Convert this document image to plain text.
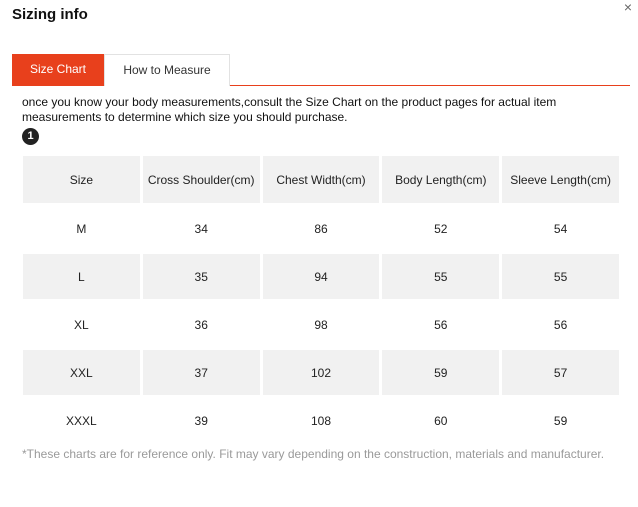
Sizing info	×
Size Chart	How to Measure
once you know your body measurements,consult the Size Chart on the product pages for actual item measurements to determine which size you should purchase.
1
Size	Cross Shoulder(cm)	Chest Width(cm)	Body Length(cm)	Sleeve Length(cm)
M	34	86	52	54
L	35	94	55	55
XL	36	98	56	56
XXL	37	102	59	57
XXXL	39	108	60	59
*These charts are for reference only. Fit may vary depending on the construction, materials and manufacturer.
